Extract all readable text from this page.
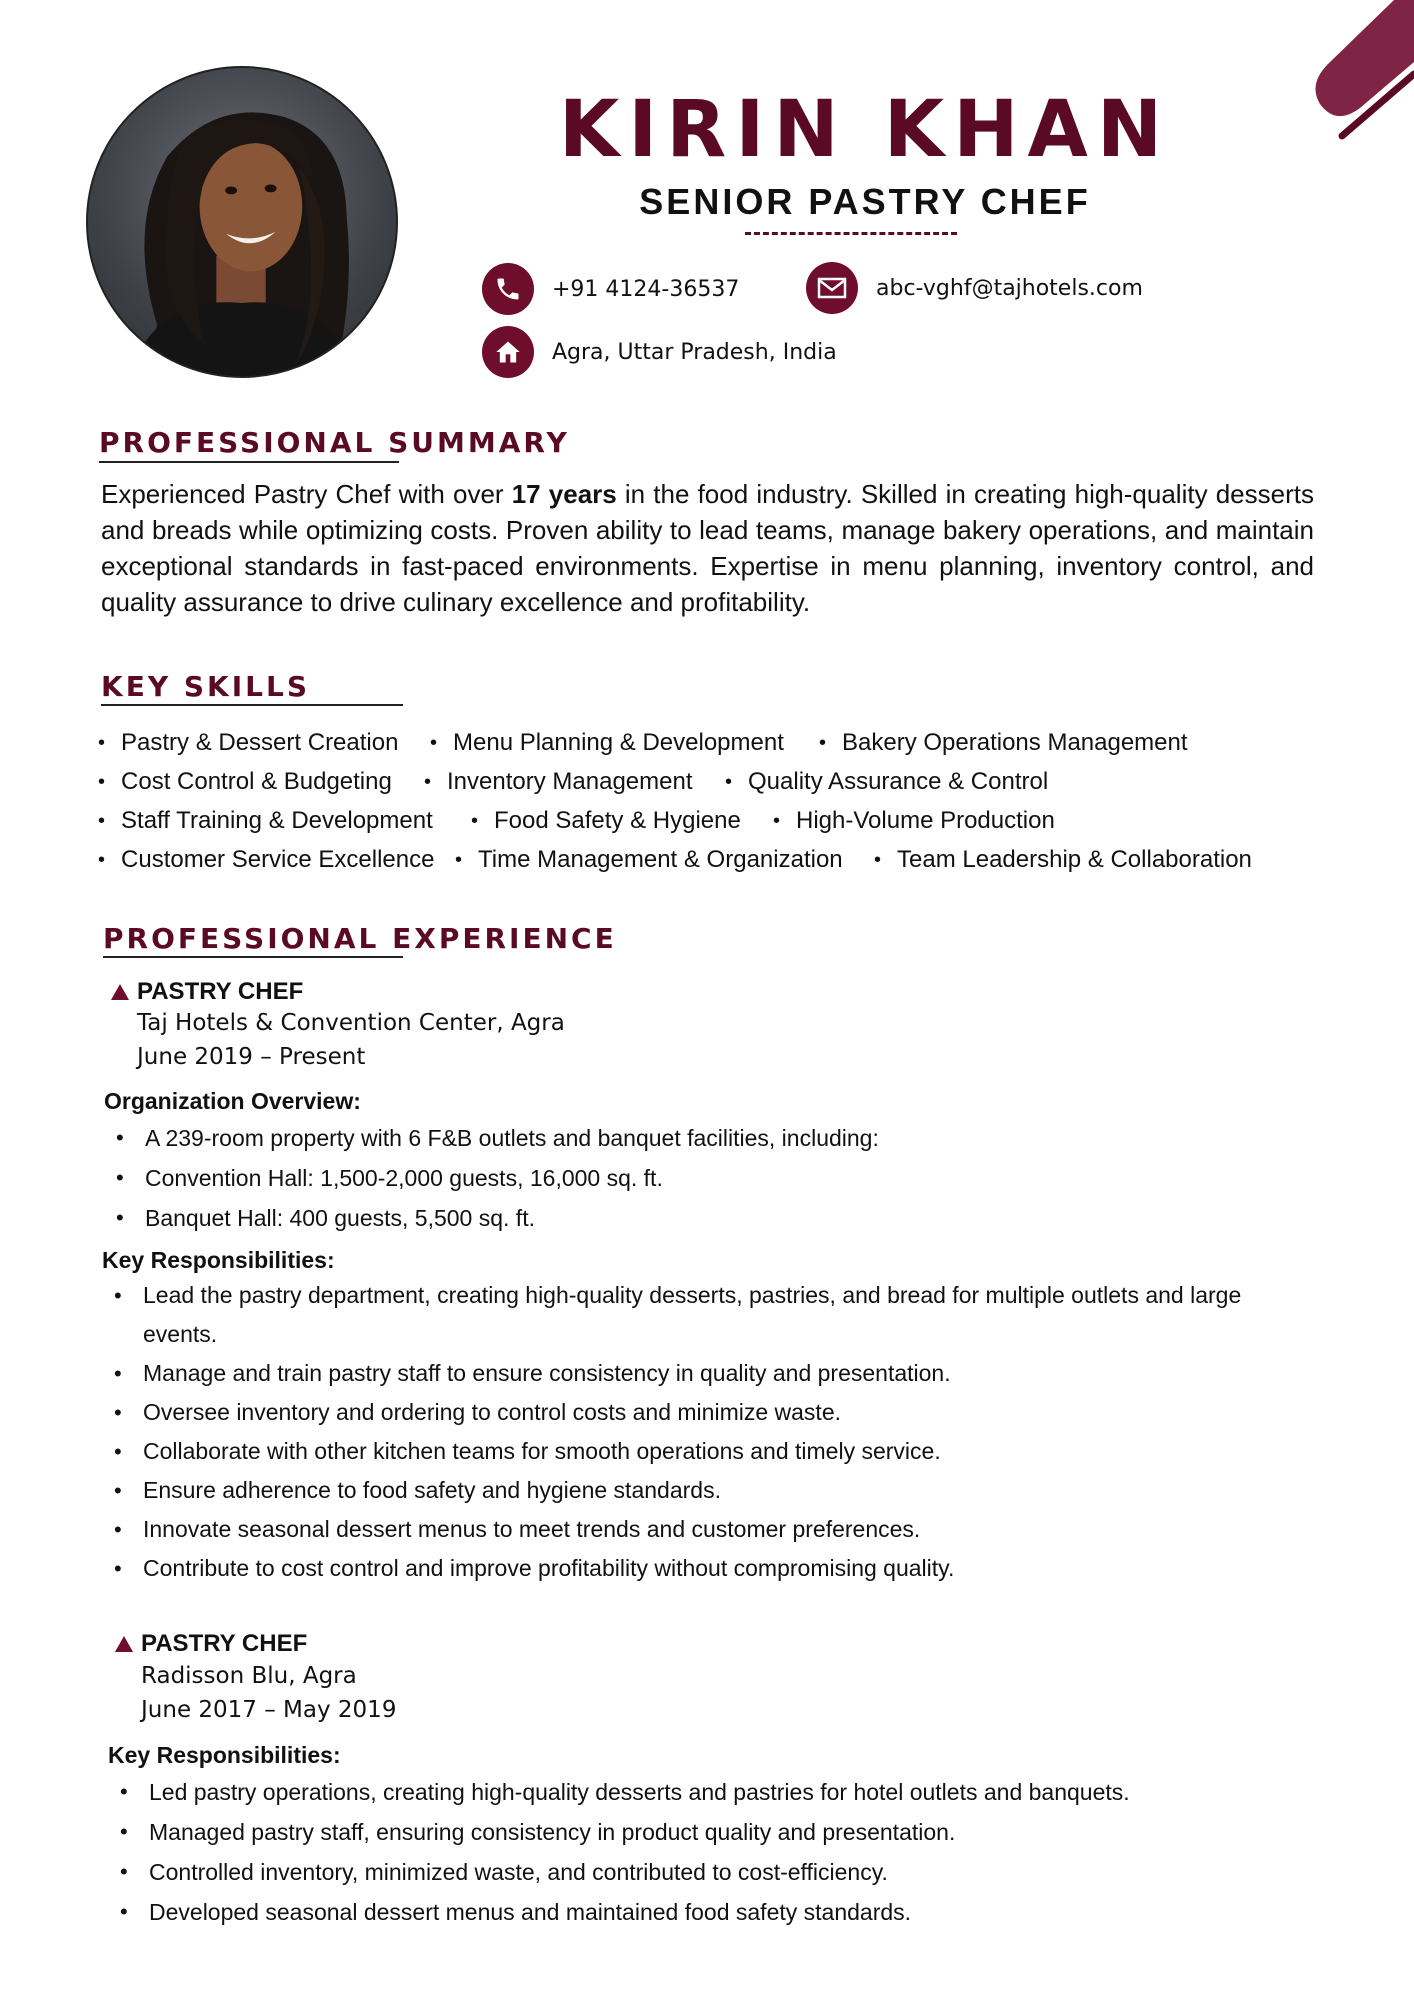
KIRIN KHAN
SENIOR PASTRY CHEF
+91 4124-36537	abc-vghf@tajhotels.com
Agra, Uttar Pradesh, India
PROFESSIONAL SUMMARY

Experienced Pastry Chef with over 17 years in the food industry. Skilled in creating high-quality desserts and breads while optimizing costs. Proven ability to lead teams, manage bakery operations, and maintain exceptional standards in fast-paced environments. Expertise in menu planning, inventory control, and quality assurance to drive culinary excellence and profitability.

KEY SKILLS
• Pastry & Dessert Creation • Menu Planning & Development • Bakery Operations Management
• Cost Control & Budgeting • Inventory Management • Quality Assurance & Control
• Staff Training & Development • Food Safety & Hygiene • High-Volume Production
• Customer Service Excellence • Time Management & Organization • Team Leadership & Collaboration
PROFESSIONAL EXPERIENCE
PASTRY CHEF

Taj Hotels & Convention Center, Agra

June 2019 – Present

Organization Overview:

• A 239-room property with 6 F&B outlets and banquet facilities, including:
• Convention Hall: 1,500-2,000 guests, 16,000 sq. ft.
• Banquet Hall: 400 guests, 5,500 sq. ft.

Key Responsibilities:

• Lead the pastry department, creating high-quality desserts, pastries, and bread for multiple outlets and large events.
• Manage and train pastry staff to ensure consistency in quality and presentation.
• Oversee inventory and ordering to control costs and minimize waste.
• Collaborate with other kitchen teams for smooth operations and timely service.
• Ensure adherence to food safety and hygiene standards.
• Innovate seasonal dessert menus to meet trends and customer preferences.
• Contribute to cost control and improve profitability without compromising quality.
PASTRY CHEF

Radisson Blu, Agra

June 2017 – May 2019

Key Responsibilities:

• Led pastry operations, creating high-quality desserts and pastries for hotel outlets and banquets.
• Managed pastry staff, ensuring consistency in product quality and presentation.
• Controlled inventory, minimized waste, and contributed to cost-efficiency.
• Developed seasonal dessert menus and maintained food safety standards.
